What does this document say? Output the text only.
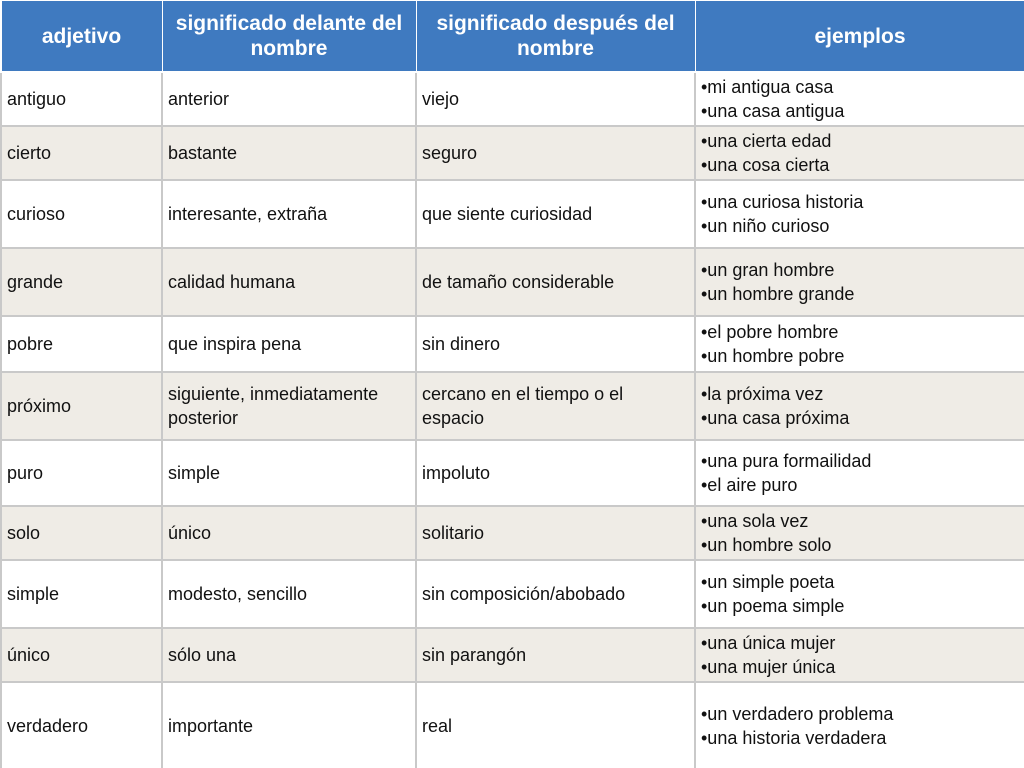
adjetivo	significado delante del nombre	significado después del nombre	ejemplos
antiguo	anterior	viejo	•mi antigua casa
•una casa antigua

cierto	bastante	seguro	•una cierta edad
•una cosa cierta

curioso	interesante, extraña	que siente curiosidad	•una curiosa historia
•un niño curioso

grande	calidad humana	de tamaño considerable	•un gran hombre
•un hombre grande

pobre	que inspira pena	sin dinero	•el pobre hombre
•un hombre pobre

próximo	siguiente, inmediatamente posterior	cercano en el tiempo o el espacio	•la próxima vez
•una casa próxima

puro	simple	impoluto	•una pura formailidad
•el aire puro

solo	único	solitario	•una sola vez
•un hombre solo

simple	modesto, sencillo	sin composición/abobado	•un simple poeta
•un poema simple

único	sólo una	sin parangón	•una única mujer
•una mujer única

verdadero	importante	real	•un verdadero problema
•una historia verdadera
